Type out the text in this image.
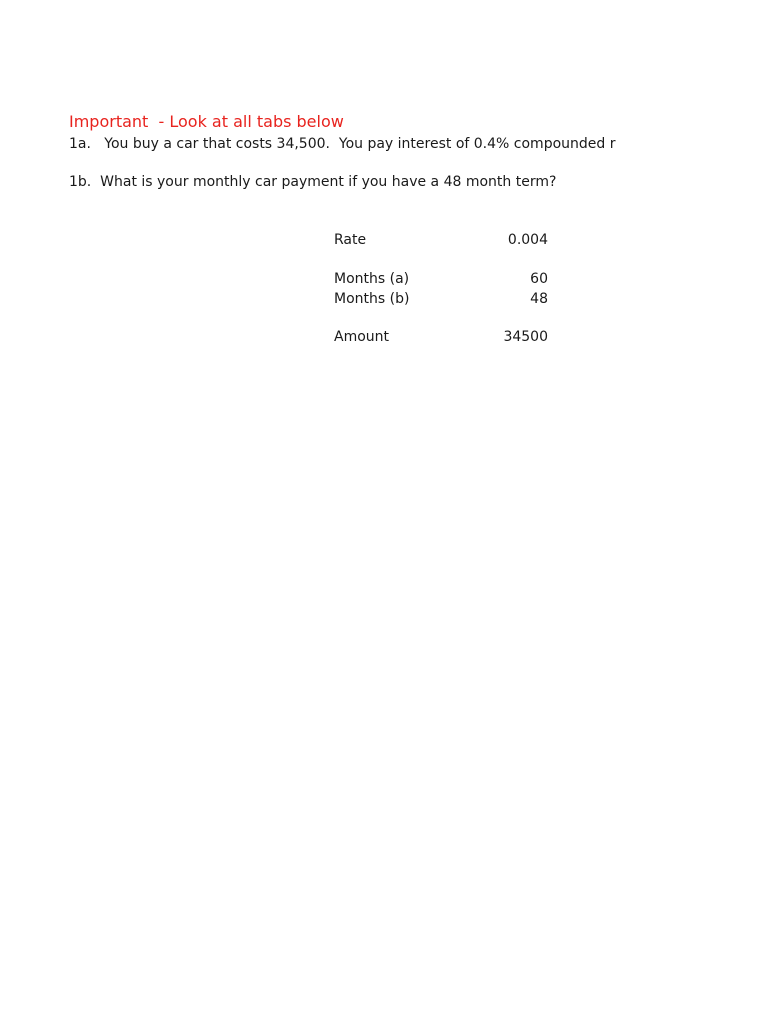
Important  - Look at all tabs below
1a.   You buy a car that costs 34,500.  You pay interest of 0.4% compounded r
1b.  What is your monthly car payment if you have a 48 month term?
Rate	0.004
Months (a)	60
Months (b)	48
Amount	34500
